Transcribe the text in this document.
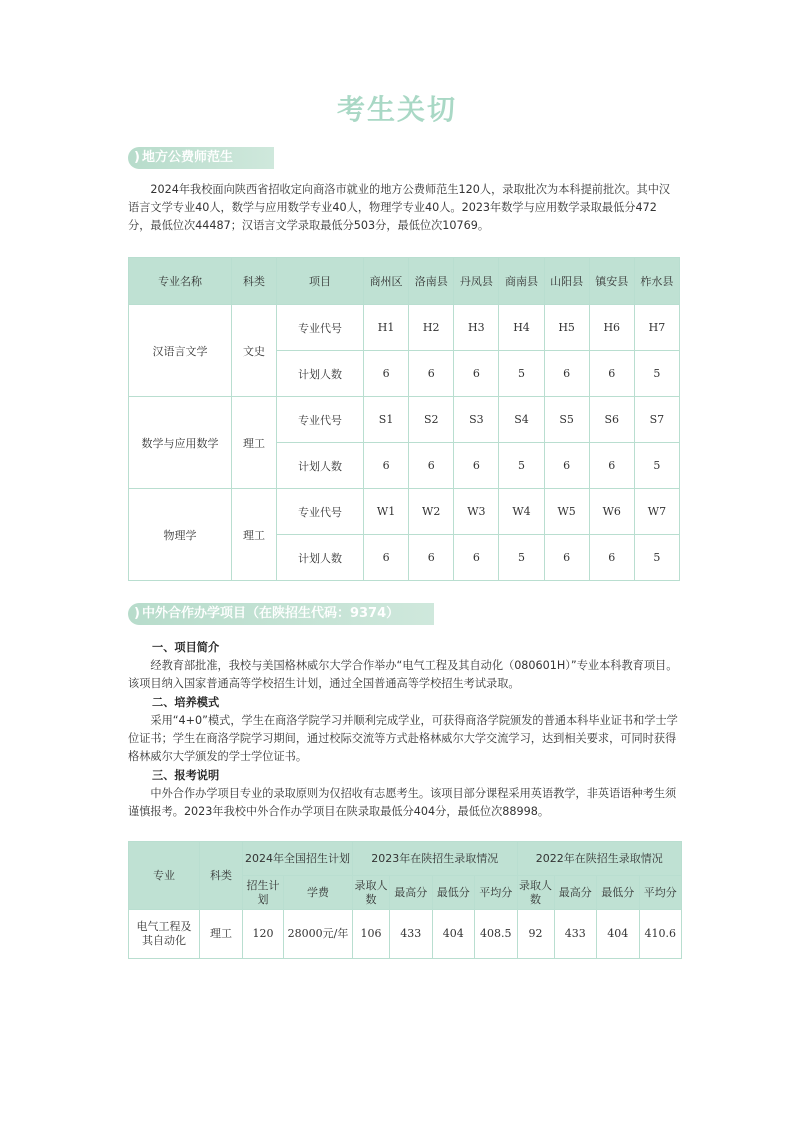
考生关切
) 地方公费师范生

2024年我校面向陕西省招收定向商洛市就业的地方公费师范生120人，录取批次为本科提前批次。其中汉语言文学专业40人，数学与应用数学专业40人，物理学专业40人。2023年数学与应用数学录取最低分472分，最低位次44487；汉语言文学录取最低分503分，最低位次10769。

专业名称	科类	项目	商州区	洛南县	丹凤县	商南县	山阳县	镇安县	柞水县
汉语言文学	文史	专业代号	H1	H2	H3	H4	H5	H6	H7
		计划人数	6	6	6	5	6	6	5
数学与应用数学	理工	专业代号	S1	S2	S3	S4	S5	S6	S7
		计划人数	6	6	6	5	6	6	5
物理学	理工	专业代号	W1	W2	W3	W4	W5	W6	W7
		计划人数	6	6	6	5	6	6	5
) 中外合作办学项目（在陕招生代码：9374）
一、项目简介

经教育部批准，我校与美国格林威尔大学合作举办“电气工程及其自动化（080601H）”专业本科教育项目。该项目纳入国家普通高等学校招生计划，通过全国普通高等学校招生考试录取。

二、培养模式

采用“4+0”模式，学生在商洛学院学习并顺利完成学业，可获得商洛学院颁发的普通本科毕业证书和学士学位证书；学生在商洛学院学习期间，通过校际交流等方式赴格林威尔大学交流学习，达到相关要求，可同时获得格林威尔大学颁发的学士学位证书。

三、报考说明

中外合作办学项目专业的录取原则为仅招收有志愿考生。该项目部分课程采用英语教学，非英语语种考生须谨慎报考。2023年我校中外合作办学项目在陕录取最低分404分，最低位次88998。

专业	科类	2024年全国招生计划		2023年在陕招生录取情况				2022年在陕招生录取情况			
		招生计划	学费	录取人数	最高分	最低分	平均分	录取人数	最高分	最低分	平均分
电气工程及其自动化	理工	120	28000元/年	106	433	404	408.5	92	433	404	410.6
